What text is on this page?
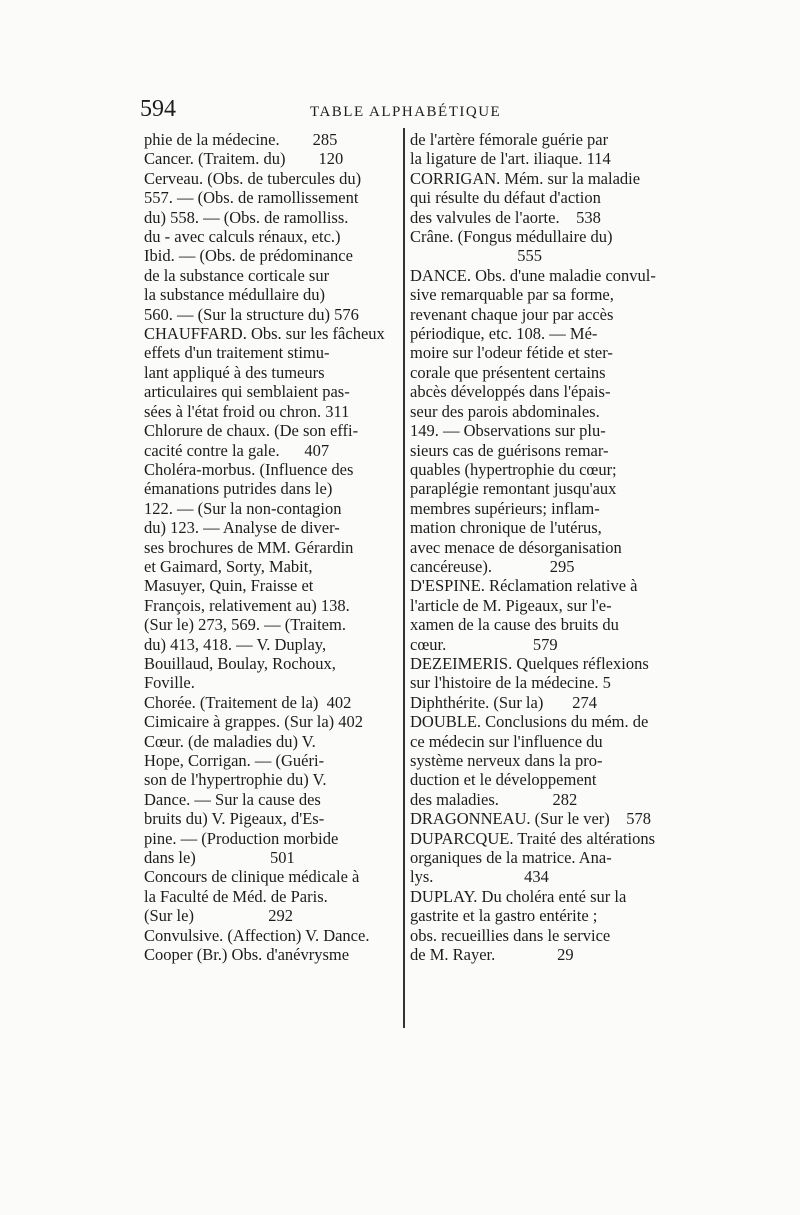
594	TABLE ALPHABÉTIQUE
phie de la médecine.        285
Cancer. (Traitem. du)        120
Cerveau. (Obs. de tubercules du)
557. — (Obs. de ramollissement
du) 558. — (Obs. de ramolliss.
du - avec calculs rénaux, etc.)
Ibid. — (Obs. de prédominance
de la substance corticale sur
la substance médullaire du)
560. — (Sur la structure du) 576
CHAUFFARD. Obs. sur les fâcheux
effets d'un traitement stimu-
lant appliqué à des tumeurs
articulaires qui semblaient pas-
sées à l'état froid ou chron. 311
Chlorure de chaux. (De son effi-
cacité contre la gale.      407
Choléra-morbus. (Influence des
émanations putrides dans le)
122. — (Sur la non-contagion
du) 123. — Analyse de diver-
ses brochures de MM. Gérardin
et Gaimard, Sorty, Mabit,
Masuyer, Quin, Fraisse et
François, relativement au) 138.
(Sur le) 273, 569. — (Traitem.
du) 413, 418. — V. Duplay,
Bouillaud, Boulay, Rochoux,
Foville.
Chorée. (Traitement de la)  402
Cimicaire à grappes. (Sur la) 402
Cœur. (de maladies du) V.
Hope, Corrigan. — (Guéri-
son de l'hypertrophie du) V.
Dance. — Sur la cause des
bruits du) V. Pigeaux, d'Es-
pine. — (Production morbide
dans le)                  501
Concours de clinique médicale à
la Faculté de Méd. de Paris.
(Sur le)                  292
Convulsive. (Affection) V. Dance.
Cooper (Br.) Obs. d'anévrysme
de l'artère fémorale guérie par
la ligature de l'art. iliaque. 114
CORRIGAN. Mém. sur la maladie
qui résulte du défaut d'action
des valvules de l'aorte.    538
Crâne. (Fongus médullaire du)
555
DANCE. Obs. d'une maladie convul-
sive remarquable par sa forme,
revenant chaque jour par accès
périodique, etc. 108. — Mé-
moire sur l'odeur fétide et ster-
corale que présentent certains
abcès développés dans l'épais-
seur des parois abdominales.
149. — Observations sur plu-
sieurs cas de guérisons remar-
quables (hypertrophie du cœur;
paraplégie remontant jusqu'aux
membres supérieurs; inflam-
mation chronique de l'utérus,
avec menace de désorganisation
cancéreuse).              295
D'ESPINE. Réclamation relative à
l'article de M. Pigeaux, sur l'e-
xamen de la cause des bruits du
cœur.                     579
DEZEIMERIS. Quelques réflexions
sur l'histoire de la médecine. 5
Diphthérite. (Sur la)       274
DOUBLE. Conclusions du mém. de
ce médecin sur l'influence du
système nerveux dans la pro-
duction et le développement
des maladies.             282
DRAGONNEAU. (Sur le ver)    578
DUPARCQUE. Traité des altérations
organiques de la matrice. Ana-
lys.                      434
DUPLAY. Du choléra enté sur la
gastrite et la gastro entérite ;
obs. recueillies dans le service
de M. Rayer.               29
